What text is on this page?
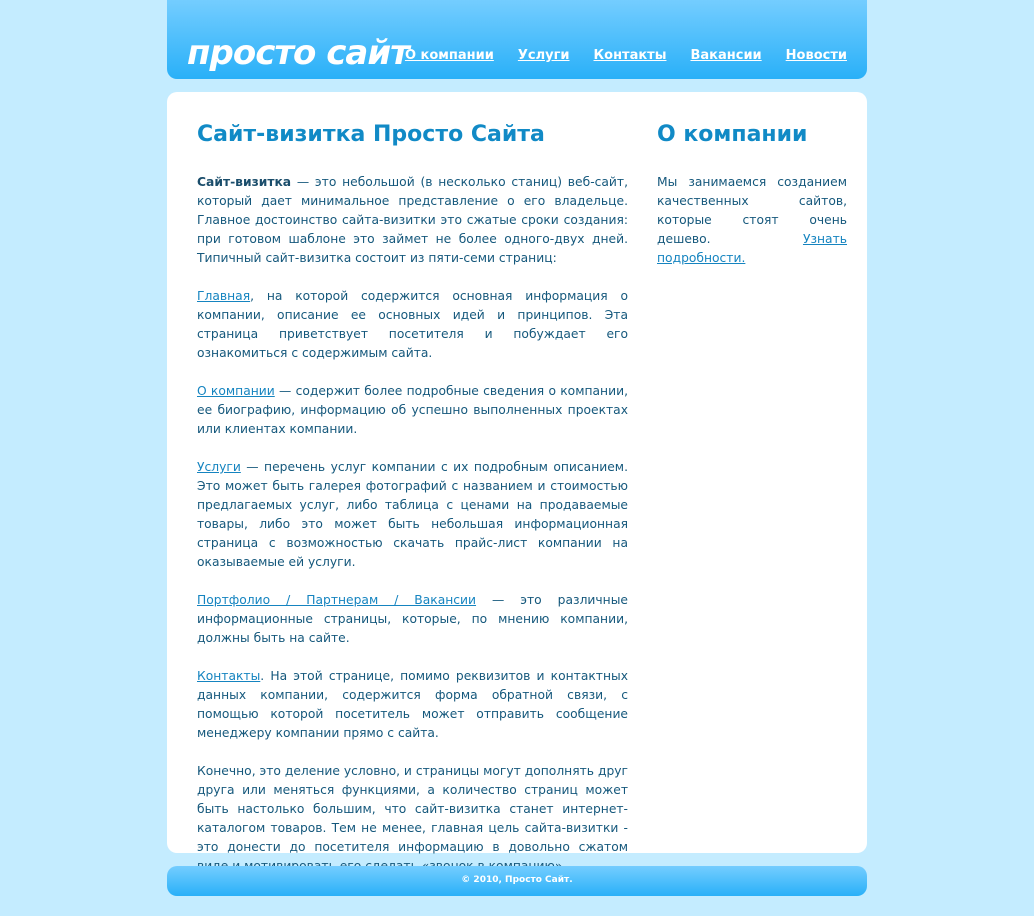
просто сайт
О компании Услуги Контакты Вакансии Новости
Сайт-визитка Просто Сайта

Сайт-визитка — это небольшой (в несколько станиц) веб-сайт, который дает минимальное представление о его владельце. Главное достоинство сайта-визитки это сжатые сроки создания: при готовом шаблоне это займет не более одного-двух дней. Типичный сайт-визитка состоит из пяти-семи страниц:

Главная, на которой содержится основная информация о компании, описание ее основных идей и принципов. Эта страница приветствует посетителя и побуждает его ознакомиться с содержимым сайта.

О компании — содержит более подробные сведения о компании, ее биографию, информацию об успешно выполненных проектах или клиентах компании.

Услуги — перечень услуг компании с их подробным описанием. Это может быть галерея фотографий с названием и стоимостью предлагаемых услуг, либо таблица с ценами на продаваемые товары, либо это может быть небольшая информационная страница с возможностью скачать прайс-лист компании на оказываемые ей услуги.

Портфолио / Партнерам / Вакансии — это различные информационные страницы, которые, по мнению компании, должны быть на сайте.

Контакты. На этой странице, помимо реквизитов и контактных данных компании, содержится форма обратной связи, с помощью которой посетитель может отправить сообщение менеджеру компании прямо с сайта.

Конечно, это деление условно, и страницы могут дополнять друг друга или меняться функциями, а количество страниц может быть настолько большим, что сайт-визитка станет интернет-каталогом товаров. Тем не менее, главная цель сайта-визитки - это донести до посетителя информацию в довольно сжатом

О компании

Мы занимаемся созданием качественных сайтов, которые стоят очень дешево. Узнать подробности.

© 2010, Просто Сайт.
